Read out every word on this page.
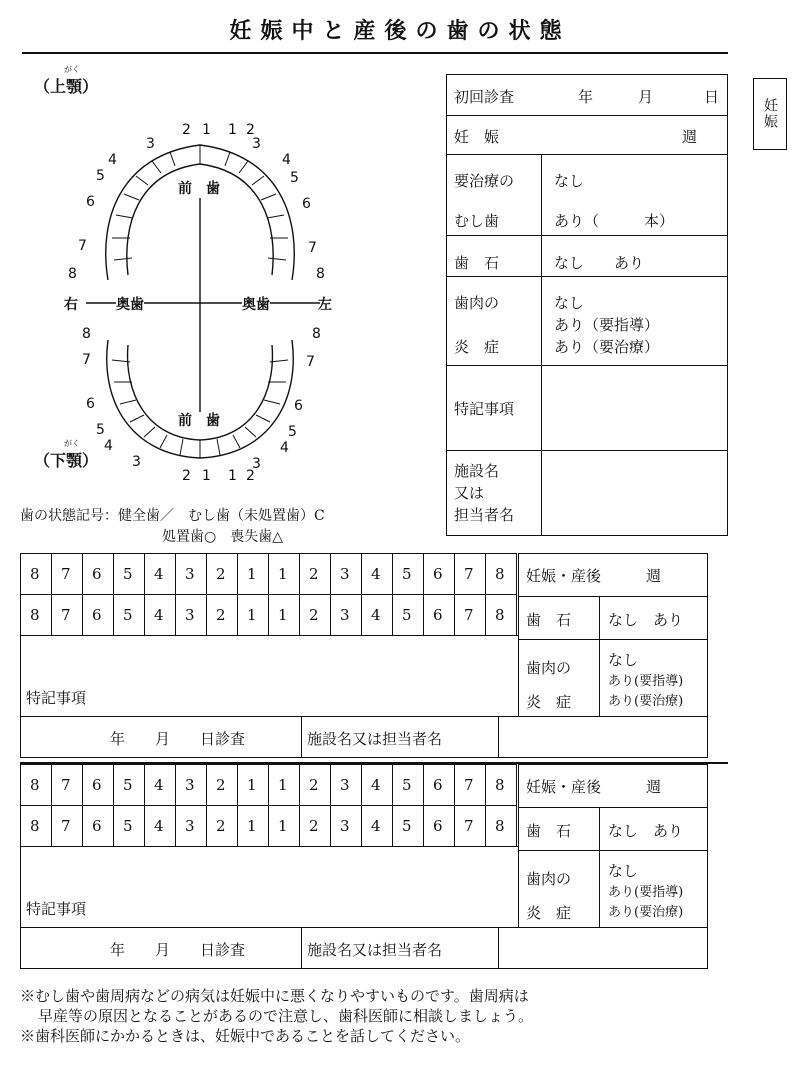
妊娠中と産後の歯の状態
妊娠
がく
（上顎）
がく
（下顎）
前　歯
前　歯
右	奥歯	奥歯	左
2 1 1 2
3	3
4	4
5	5
6	6
7	7
8	8
2 1 1 2
3	3
4	4
5	5
6	6
7	7
8	8
歯の状態記号：健全歯／　むし歯（未処置歯）C
処置歯○　喪失歯△
初回診査	年	月	日
妊　娠	週
要治療の
むし歯
なし
あり（　　　本）
歯　石	なし　　あり
歯肉の
炎　症
なし
あり（要指導）
あり（要治療）
特記事項
施設名
又は
担当者名
8 7 6 5 4 3 2 1 1 2 3 4 5 6 7 8
8 7 6 5 4 3 2 1 1 2 3 4 5 6 7 8
特記事項
妊娠・産後　　　週
歯　石 なし　あり
歯肉の
炎　症
なし
あり(要指導)
あり(要治療)
年　　月　　日診査	施設名又は担当者名
8 7 6 5 4 3 2 1 1 2 3 4 5 6 7 8
8 7 6 5 4 3 2 1 1 2 3 4 5 6 7 8
特記事項
妊娠・産後　　　週
歯　石 なし　あり
歯肉の
炎　症
なし
あり(要指導)
あり(要治療)
年　　月　　日診査	施設名又は担当者名
※むし歯や歯周病などの病気は妊娠中に悪くなりやすいものです。歯周病は
早産等の原因となることがあるので注意し、歯科医師に相談しましょう。
※歯科医師にかかるときは、妊娠中であることを話してください。
